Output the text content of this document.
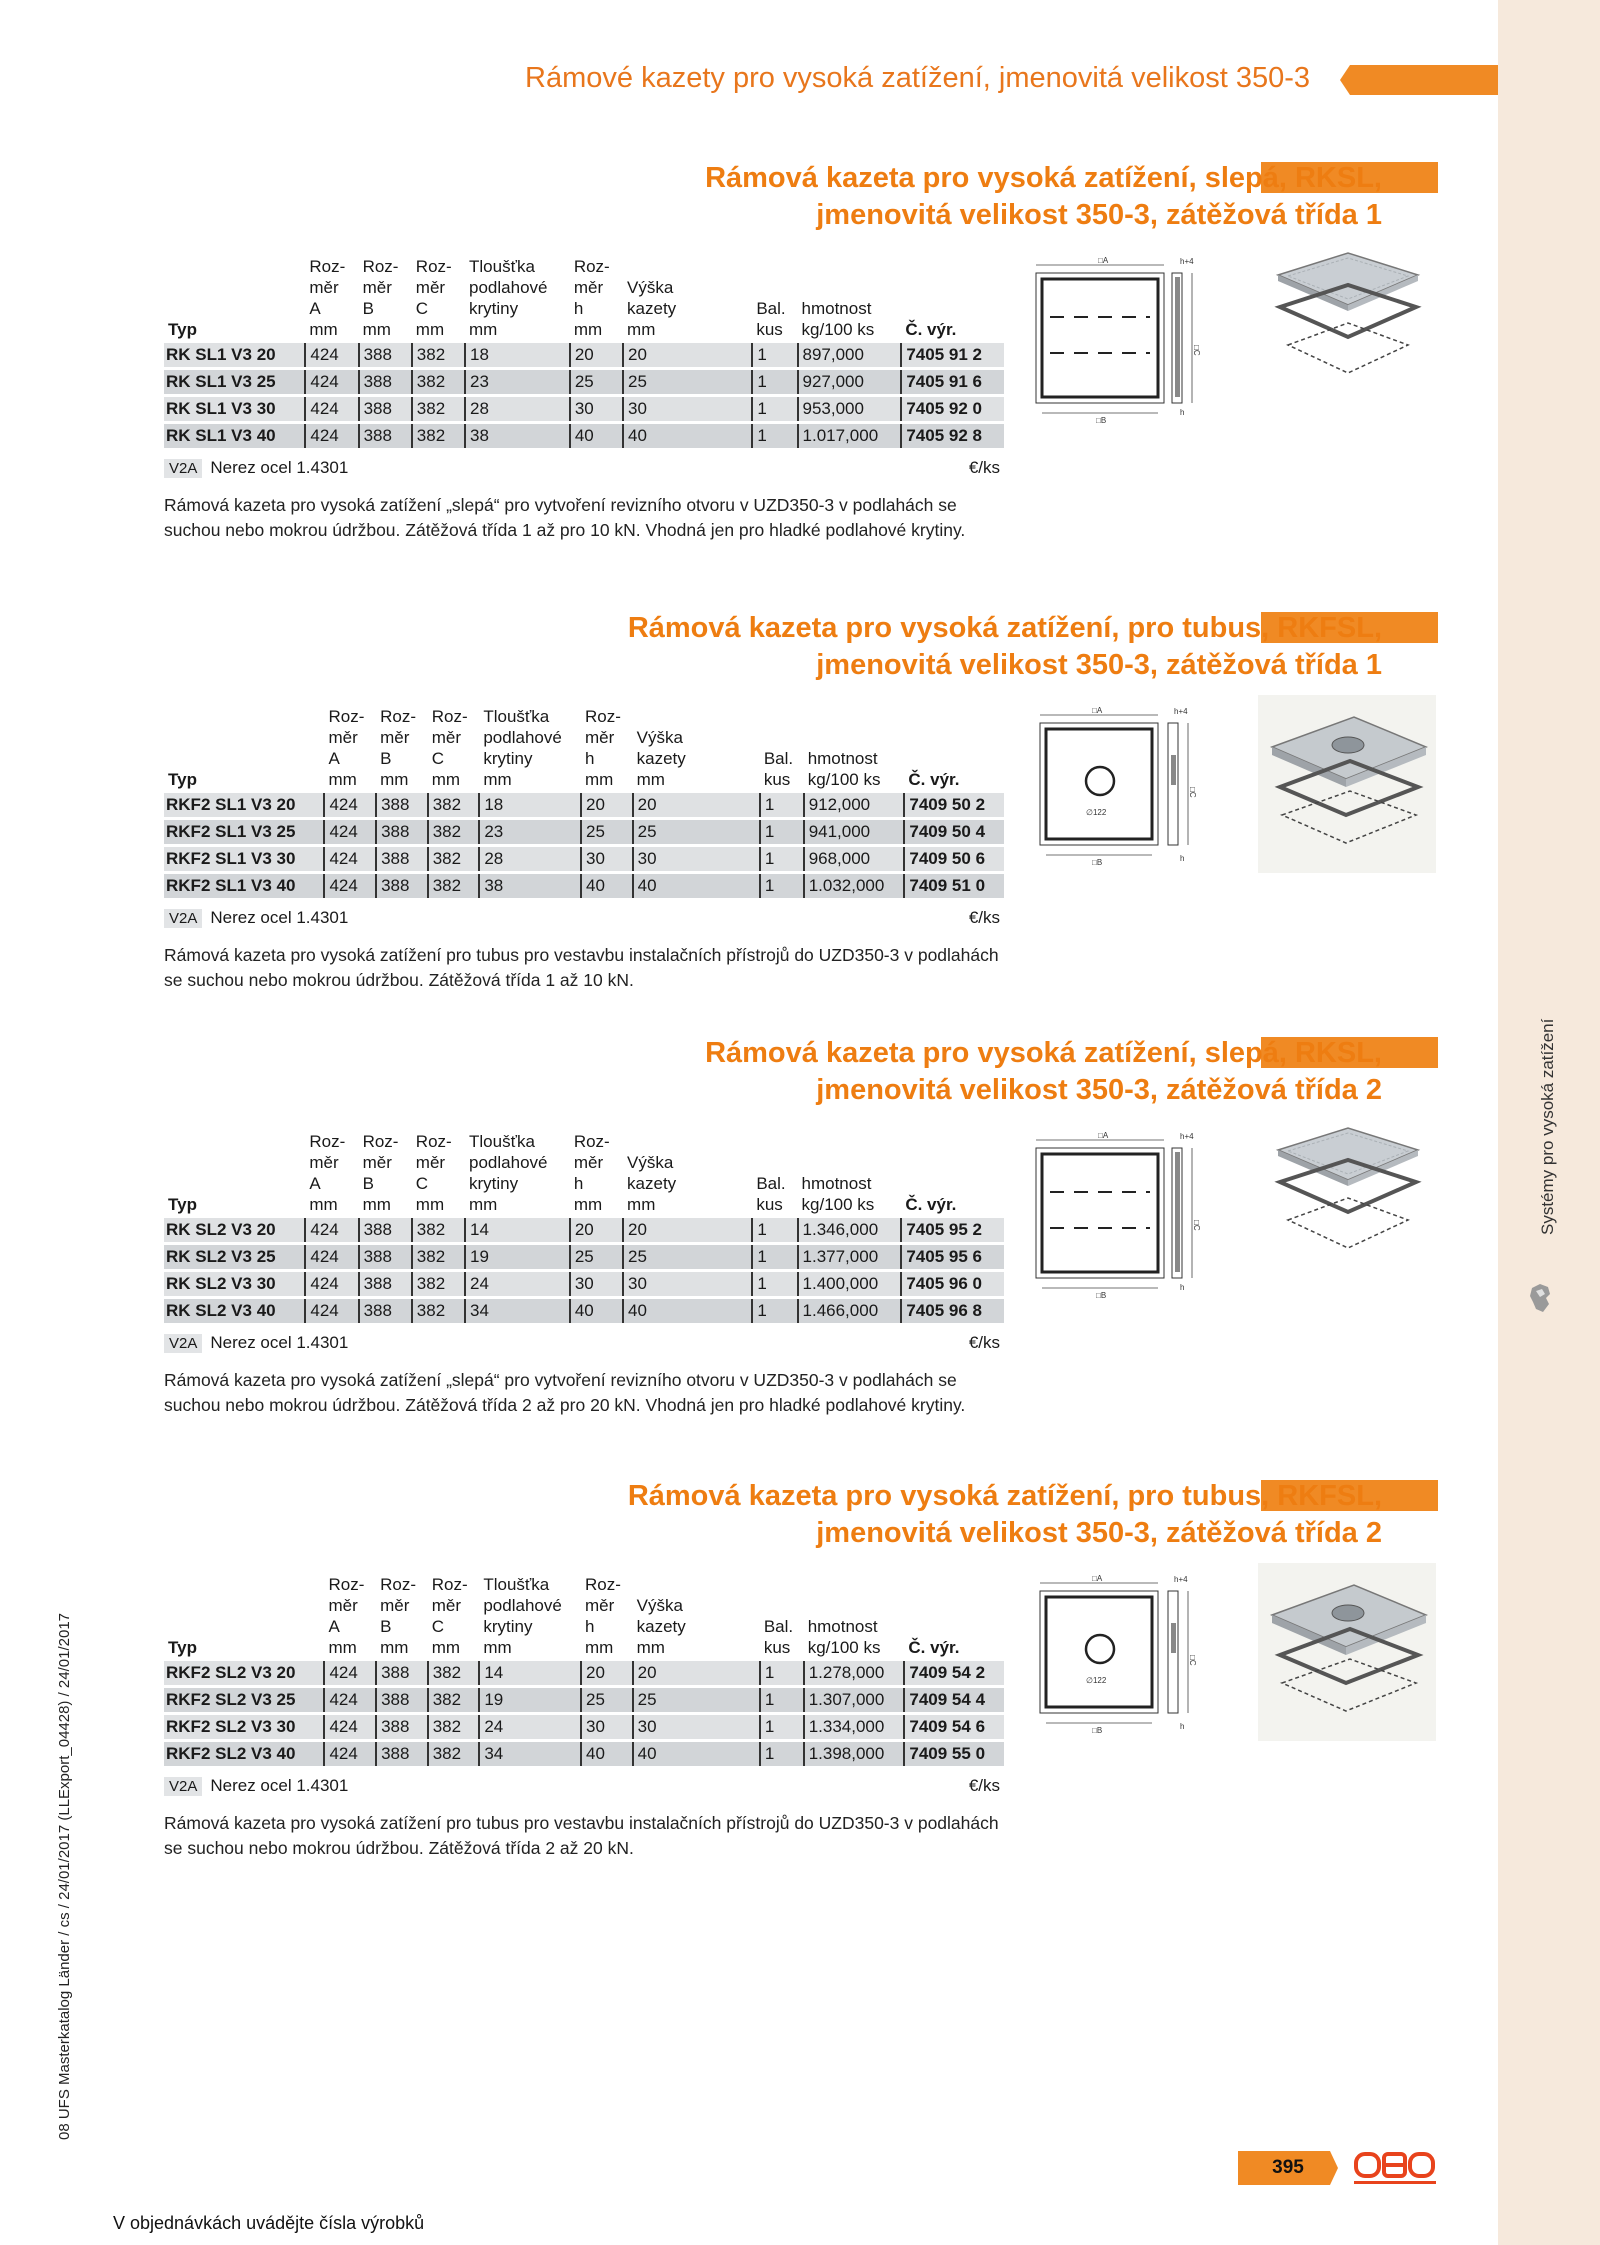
Systémy pro vysoká zatížení
08 UFS Masterkatalog Länder / cs / 24/01/2017 (LLExport_04428) / 24/01/2017
Rámové kazety pro vysoká zatížení, jmenovitá velikost 350-3
Rámová kazeta pro vysoká zatížení, slepá, RKSL,
jmenovitá velikost 350-3, zátěžová třída 1
Typ	Roz-
měr
A
mm	Roz-
měr
B
mm	Roz-
měr
C
mm	Tloušťka
podlahové
krytiny
mm	Roz-
měr
h
mm	Výška
kazety
mm		Bal.
kus	hmotnost
kg/100 ks	Č. výr.
RK SL1 V3 20	424	388	382	18	20	20		1	897,000	7405 91 2
RK SL1 V3 25	424	388	382	23	25	25		1	927,000	7405 91 6
RK SL1 V3 30	424	388	382	28	30	30		1	953,000	7405 92 0
RK SL1 V3 40	424	388	382	38	40	40		1	1.017,000	7405 92 8
V2A Nerez ocel 1.4301	€/ks
Rámová kazeta pro vysoká zatížení „slepá“ pro vytvoření revizního otvoru v UZD350-3 v podlahách se suchou nebo mokrou údržbou. Zátěžová třída 1 až pro 10 kN. Vhodná jen pro hladké podlahové krytiny.
□A
□B
h+4
□C
h
Rámová kazeta pro vysoká zatížení, pro tubus, RKFSL,
jmenovitá velikost 350-3, zátěžová třída 1
Typ	Roz-
měr
A
mm	Roz-
měr
B
mm	Roz-
měr
C
mm	Tloušťka
podlahové
krytiny
mm	Roz-
měr
h
mm	Výška
kazety
mm		Bal.
kus	hmotnost
kg/100 ks	Č. výr.
RKF2 SL1 V3 20	424	388	382	18	20	20		1	912,000	7409 50 2
RKF2 SL1 V3 25	424	388	382	23	25	25		1	941,000	7409 50 4
RKF2 SL1 V3 30	424	388	382	28	30	30		1	968,000	7409 50 6
RKF2 SL1 V3 40	424	388	382	38	40	40		1	1.032,000	7409 51 0
V2A Nerez ocel 1.4301	€/ks
Rámová kazeta pro vysoká zatížení pro tubus pro vestavbu instalačních přístrojů do UZD350-3 v podlahách se suchou nebo mokrou údržbou. Zátěžová třída 1 až 10 kN.
□A
□B
∅122
h+4
□C
h
Rámová kazeta pro vysoká zatížení, slepá, RKSL,
jmenovitá velikost 350-3, zátěžová třída 2
Typ	Roz-
měr
A
mm	Roz-
měr
B
mm	Roz-
měr
C
mm	Tloušťka
podlahové
krytiny
mm	Roz-
měr
h
mm	Výška
kazety
mm		Bal.
kus	hmotnost
kg/100 ks	Č. výr.
RK SL2 V3 20	424	388	382	14	20	20		1	1.346,000	7405 95 2
RK SL2 V3 25	424	388	382	19	25	25		1	1.377,000	7405 95 6
RK SL2 V3 30	424	388	382	24	30	30		1	1.400,000	7405 96 0
RK SL2 V3 40	424	388	382	34	40	40		1	1.466,000	7405 96 8
V2A Nerez ocel 1.4301	€/ks
Rámová kazeta pro vysoká zatížení „slepá“ pro vytvoření revizního otvoru v UZD350-3 v podlahách se suchou nebo mokrou údržbou. Zátěžová třída 2 až pro 20 kN. Vhodná jen pro hladké podlahové krytiny.
□A
□B
h+4
□C
h
Rámová kazeta pro vysoká zatížení, pro tubus, RKFSL,
jmenovitá velikost 350-3, zátěžová třída 2
Typ	Roz-
měr
A
mm	Roz-
měr
B
mm	Roz-
měr
C
mm	Tloušťka
podlahové
krytiny
mm	Roz-
měr
h
mm	Výška
kazety
mm		Bal.
kus	hmotnost
kg/100 ks	Č. výr.
RKF2 SL2 V3 20	424	388	382	14	20	20		1	1.278,000	7409 54 2
RKF2 SL2 V3 25	424	388	382	19	25	25		1	1.307,000	7409 54 4
RKF2 SL2 V3 30	424	388	382	24	30	30		1	1.334,000	7409 54 6
RKF2 SL2 V3 40	424	388	382	34	40	40		1	1.398,000	7409 55 0
V2A Nerez ocel 1.4301	€/ks
Rámová kazeta pro vysoká zatížení pro tubus pro vestavbu instalačních přístrojů do UZD350-3 v podlahách se suchou nebo mokrou údržbou. Zátěžová třída 2 až 20 kN.
□A
□B
∅122
h+4
□C
h
V objednávkách uvádějte čísla výrobků
395
